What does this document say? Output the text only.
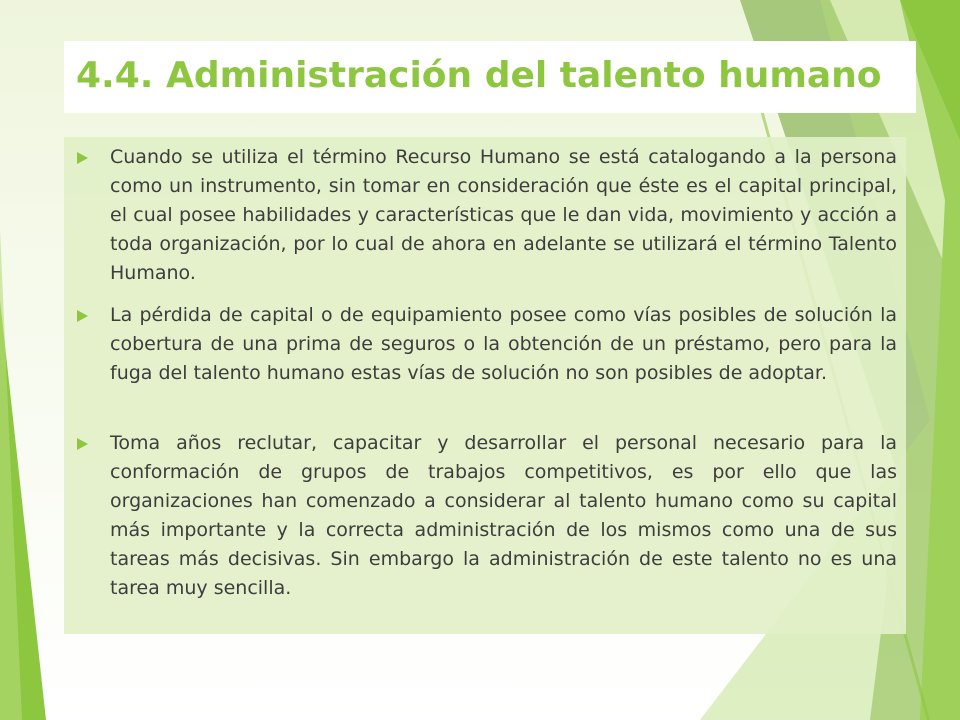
4.4. Administración del talento humano
Cuando se utiliza el término Recurso Humano se está catalogando a la persona como un instrumento, sin tomar en consideración que éste es el capital principal, el cual posee habilidades y características que le dan vida, movimiento y acción a toda organización, por lo cual de ahora en adelante se utilizará el término Talento Humano.
La pérdida de capital o de equipamiento posee como vías posibles de solución la cobertura de una prima de seguros o la obtención de un préstamo, pero para la fuga del talento humano estas vías de solución no son posibles de adoptar.
Toma años reclutar, capacitar y desarrollar el personal necesario para la conformación de grupos de trabajos competitivos, es por ello que las organizaciones han comenzado a considerar al talento humano como su capital más importante y la correcta administración de los mismos como una de sus tareas más decisivas. Sin embargo la administración de este talento no es una tarea muy sencilla.
